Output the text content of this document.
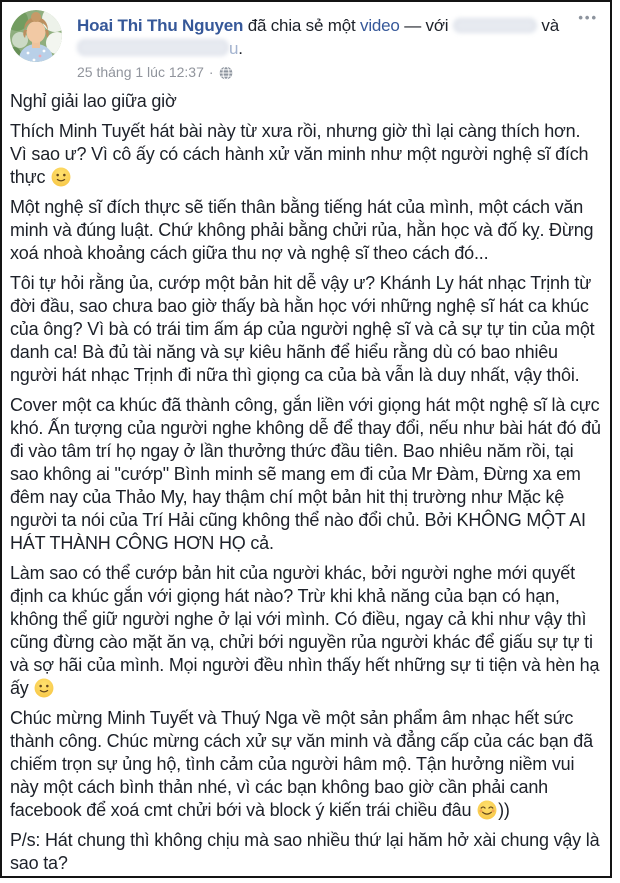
Hoai Thi Thu Nguyen đã chia sẻ một video — với	và
u.
25 tháng 1 lúc 12:37 ·
•••

Nghỉ giải lao giữa giờ

Thích Minh Tuyết hát bài này từ xưa rồi, nhưng giờ thì lại càng thích hơn. Vì sao ư? Vì cô ấy có cách hành xử văn minh như một người nghệ sĩ đích thực

Một nghệ sĩ đích thực sẽ tiến thân bằng tiếng hát của mình, một cách văn minh và đúng luật. Chứ không phải bằng chửi rủa, hằn học và đố kỵ. Đừng xoá nhoà khoảng cách giữa thu nợ và nghệ sĩ theo cách đó...

Tôi tự hỏi rằng ủa, cướp một bản hit dễ vậy ư? Khánh Ly hát nhạc Trịnh từ đời đầu, sao chưa bao giờ thấy bà hằn học với những nghệ sĩ hát ca khúc của ông? Vì bà có trái tim ấm áp của người nghệ sĩ và cả sự tự tin của một danh ca! Bà đủ tài năng và sự kiêu hãnh để hiểu rằng dù có bao nhiêu người hát nhạc Trịnh đi nữa thì giọng ca của bà vẫn là duy nhất, vậy thôi.

Cover một ca khúc đã thành công, gắn liền với giọng hát một nghệ sĩ là cực khó. Ấn tượng của người nghe không dễ để thay đổi, nếu như bài hát đó đủ đi vào tâm trí họ ngay ở lần thưởng thức đầu tiên. Bao nhiêu năm rồi, tại sao không ai "cướp" Bình minh sẽ mang em đi của Mr Đàm, Đừng xa em đêm nay của Thảo My, hay thậm chí một bản hit thị trường như Mặc kệ người ta nói của Trí Hải cũng không thể nào đổi chủ. Bởi KHÔNG MỘT AI HÁT THÀNH CÔNG HƠN HỌ cả.

Làm sao có thể cướp bản hit của người khác, bởi người nghe mới quyết định ca khúc gắn với giọng hát nào? Trừ khi khả năng của bạn có hạn, không thể giữ người nghe ở lại với mình. Có điều, ngay cả khi như vậy thì cũng đừng cào mặt ăn vạ, chửi bới nguyền rủa người khác để giấu sự tự ti và sợ hãi của mình. Mọi người đều nhìn thấy hết những sự ti tiện và hèn hạ ấy

Chúc mừng Minh Tuyết và Thuý Nga về một sản phẩm âm nhạc hết sức thành công. Chúc mừng cách xử sự văn minh và đẳng cấp của các bạn đã chiếm trọn sự ủng hộ, tình cảm của người hâm mộ. Tận hưởng niềm vui này một cách bình thản nhé, vì các bạn không bao giờ cần phải canh facebook để xoá cmt chửi bới và block ý kiến trái chiều đâu
))

P/s: Hát chung thì không chịu mà sao nhiều thứ lại hăm hở xài chung vậy là sao ta?
